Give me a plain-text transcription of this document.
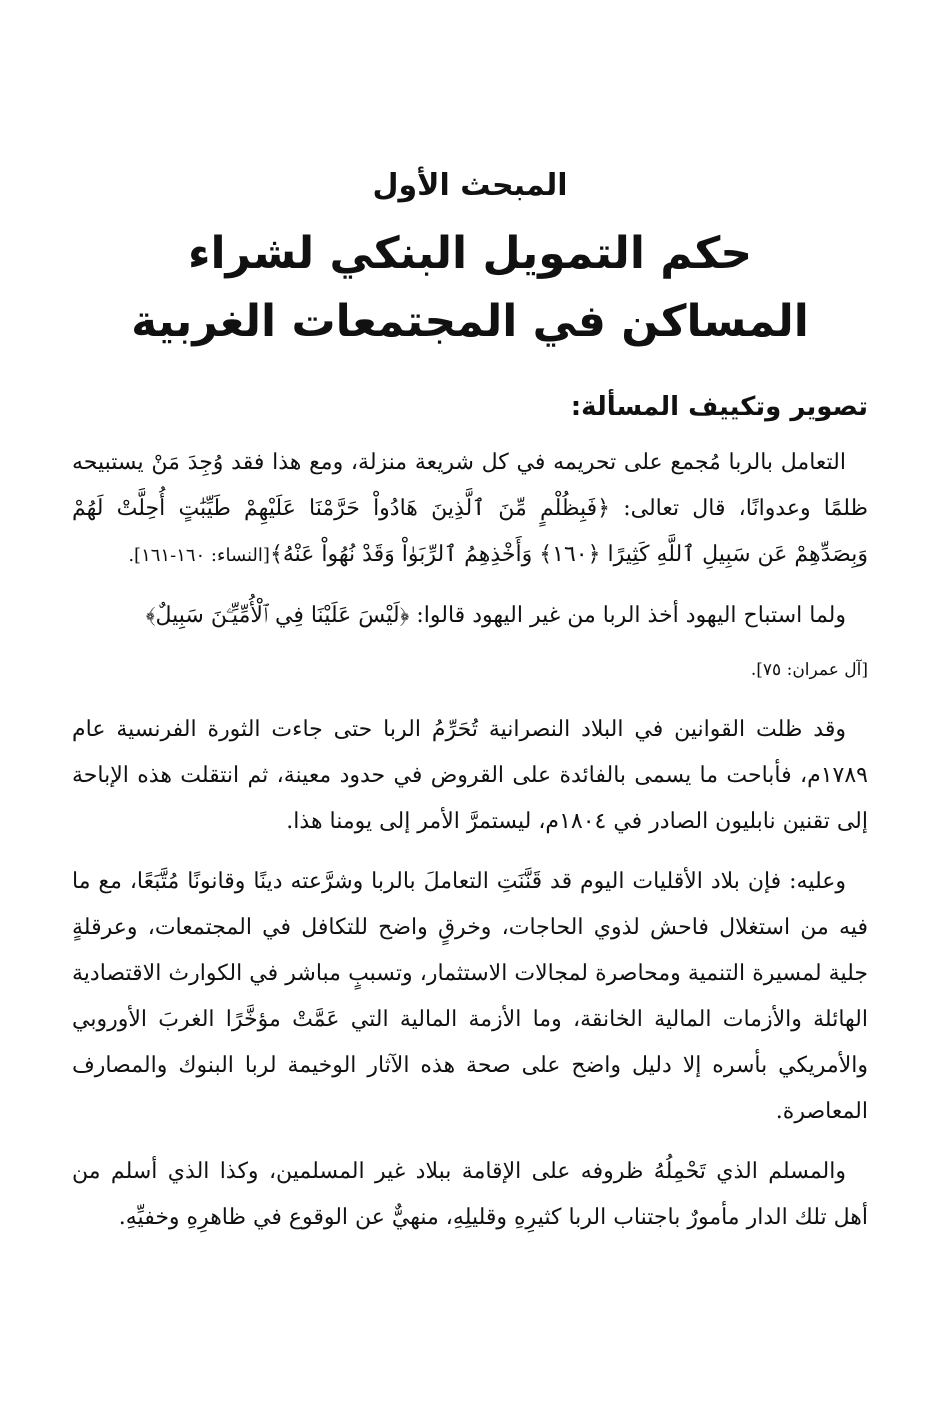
المبحث الأول
حكم التمويل البنكي لشراء
المساكن في المجتمعات الغربية
تصوير وتكييف المسألة:

التعامل بالربا مُجمع على تحريمه في كل شريعة منزلة، ومع هذا فقد وُجِدَ مَنْ يستبيحه ظلمًا وعدوانًا، قال تعالى: ﴿فَبِظُلْمٍ مِّنَ ٱلَّذِينَ هَادُواْ حَرَّمْنَا عَلَيْهِمْ طَيِّبَٰتٍ أُحِلَّتْ لَهُمْ وَبِصَدِّهِمْ عَن سَبِيلِ ٱللَّهِ كَثِيرًا ﴿١٦٠﴾ وَأَخْذِهِمُ ٱلرِّبَوٰاْ وَقَدْ نُهُواْ عَنْهُ﴾[النساء: ١٦٠-١٦١].

ولما استباح اليهود أخذ الربا من غير اليهود قالوا: ﴿لَيْسَ عَلَيْنَا فِي ٱلْأُمِّيِّـۧنَ سَبِيلٌ﴾

[آل عمران: ٧٥].

وقد ظلت القوانين في البلاد النصرانية تُحَرِّمُ الربا حتى جاءت الثورة الفرنسية عام ١٧٨٩م، فأباحت ما يسمى بالفائدة على القروض في حدود معينة، ثم انتقلت هذه الإباحة إلى تقنين نابليون الصادر في ١٨٠٤م، ليستمرَّ الأمر إلى يومنا هذا.

وعليه: فإن بلاد الأقليات اليوم قد قَنَّنَتِ التعاملَ بالربا وشرَّعته دينًا وقانونًا مُتَّبَعًا، مع ما فيه من استغلال فاحش لذوي الحاجات، وخرقٍ واضح للتكافل في المجتمعات، وعرقلةٍ جلية لمسيرة التنمية ومحاصرة لمجالات الاستثمار، وتسببٍ مباشر في الكوارث الاقتصادية الهائلة والأزمات المالية الخانقة، وما الأزمة المالية التي عَمَّتْ مؤخَّرًا الغربَ الأوروبي والأمريكي بأسره إلا دليل واضح على صحة هذه الآثار الوخيمة لربا البنوك والمصارف المعاصرة.

والمسلم الذي تَحْمِلُهُ ظروفه على الإقامة ببلاد غير المسلمين، وكذا الذي أسلم من أهل تلك الدار مأمورٌ باجتناب الربا كثيرِهِ وقليلِهِ، منهيٌّ عن الوقوع في ظاهرِهِ وخفيِّهِ.
